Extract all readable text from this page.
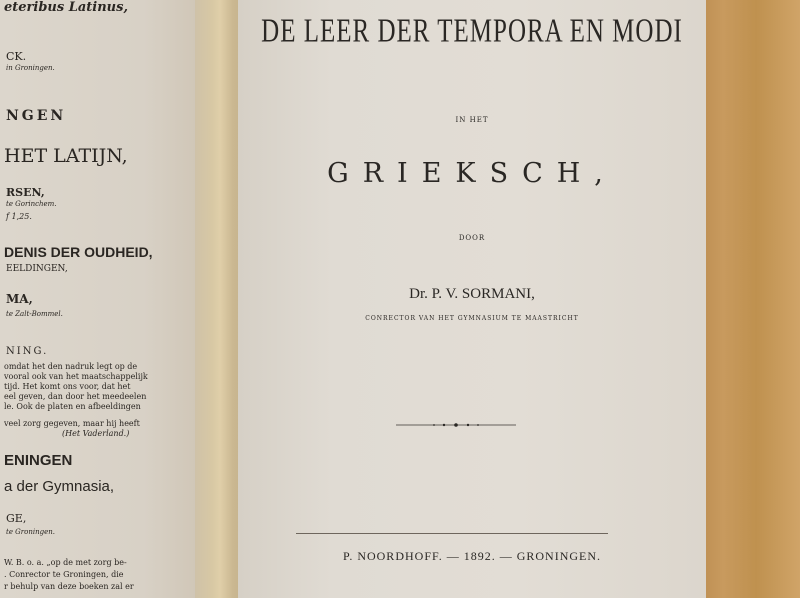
eteribus Latinus,
CK.
in Groningen.
NGEN
HET LATIJN,
RSEN,
te Gorinchem.
f 1,25.
DENIS DER OUDHEID,
EELDINGEN,
MA,
te Zalt-Bommel.
NING.
omdat het den nadruk legt op de
vooral ook van het maatschappelijk
tijd. Het komt ons voor, dat het
eel geven, dan door het meedeelen
le. Ook de platen en afbeeldingen
veel zorg gegeven, maar hij heeft
(Het Vaderland.)
ENINGEN
a der Gymnasia,
GE,
te Groningen.
W. B. o. a. „op de met zorg be-
. Conrector te Groningen, die
r behulp van deze boeken zal er
DE LEER DER TEMPORA EN MODI
IN HET
GRIEKSCH,
DOOR
Dr. P. V. SORMANI,
CONRECTOR VAN HET GYMNASIUM TE MAASTRICHT
P. NOORDHOFF. — 1892. — GRONINGEN.
